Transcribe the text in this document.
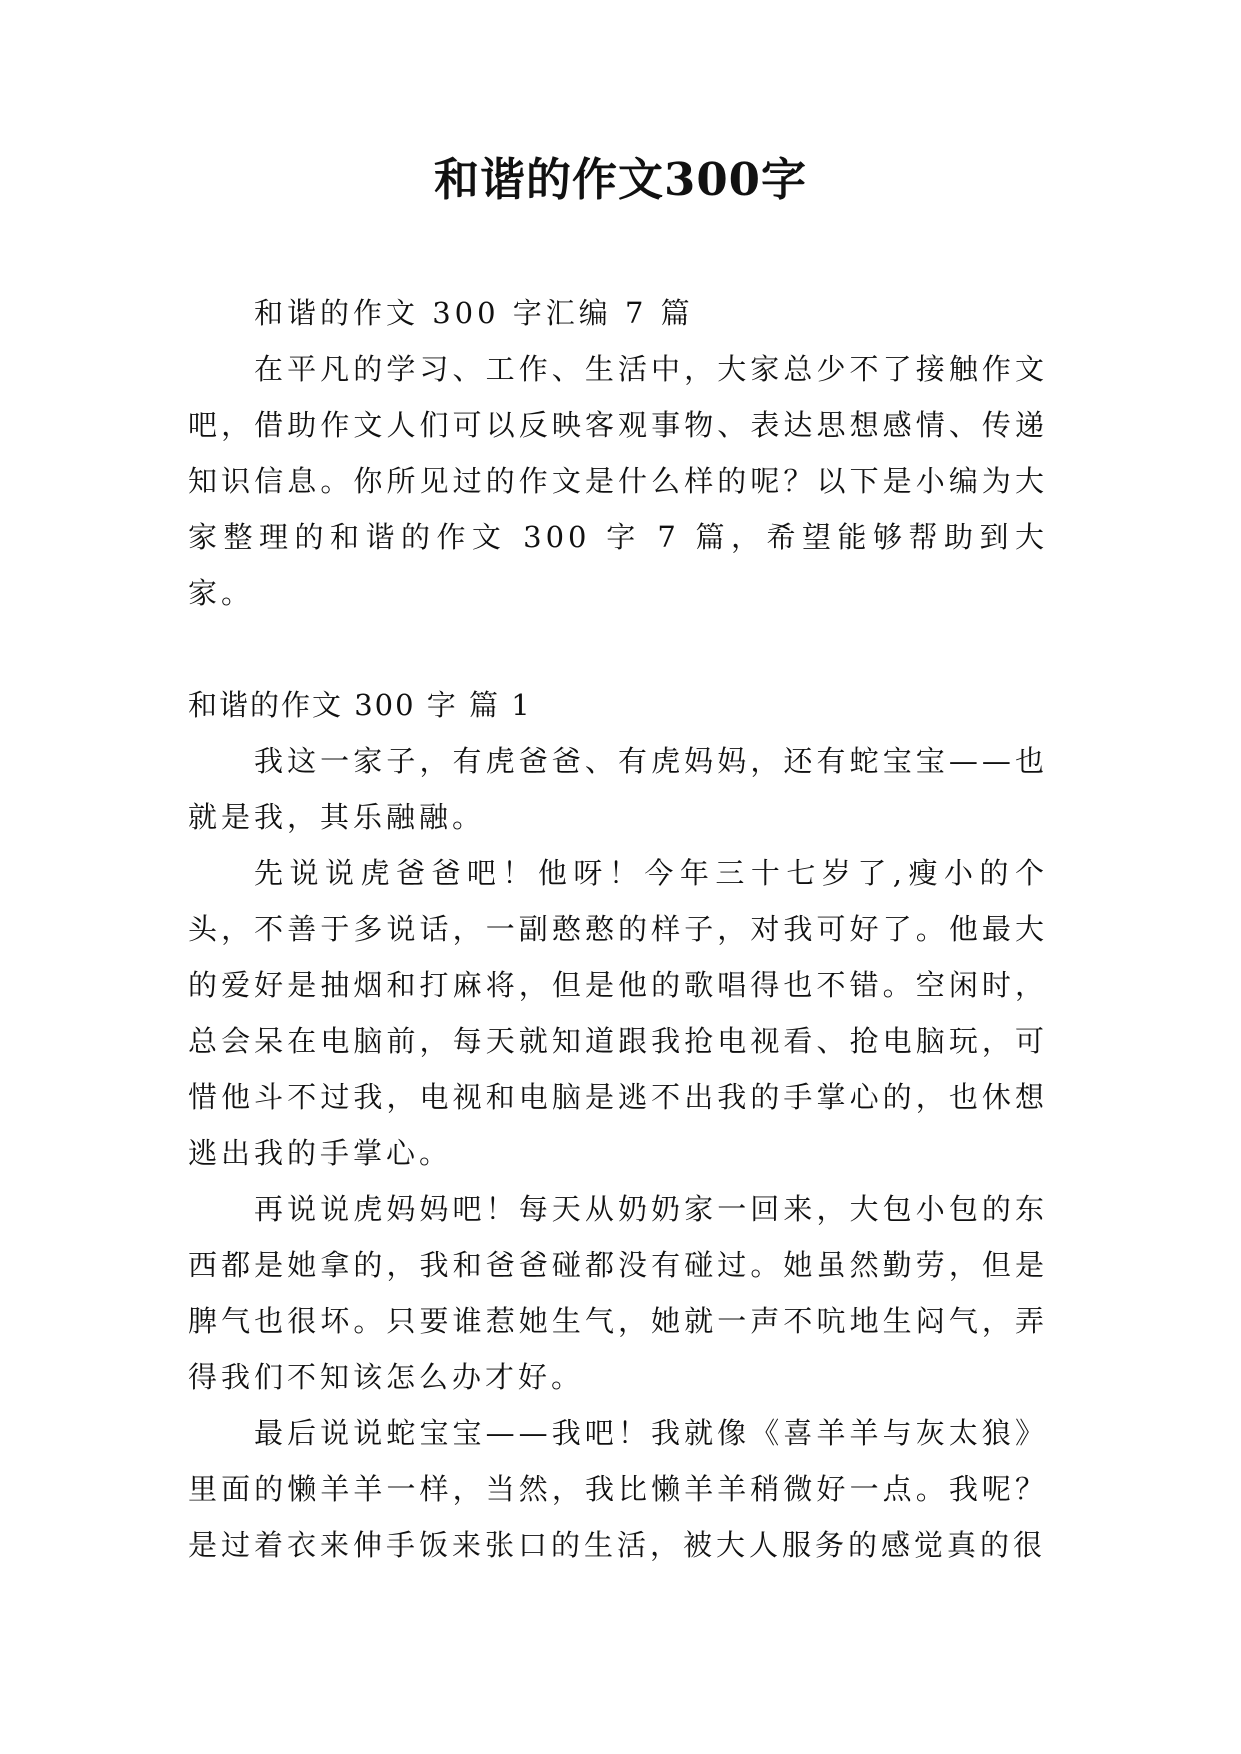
和谐的作文300字

和谐的作文 300 字汇编 7 篇

在平凡的学习、工作、生活中，大家总少不了接触作文吧，借助作文人们可以反映客观事物、表达思想感情、传递知识信息。你所见过的作文是什么样的呢？以下是小编为大家整理的和谐的作文 300 字 7 篇，希望能够帮助到大家。

和谐的作文 300 字 篇 1

我这一家子，有虎爸爸、有虎妈妈，还有蛇宝宝——也就是我，其乐融融。

先说说虎爸爸吧！他呀！今年三十七岁了,瘦小的个头，不善于多说话，一副憨憨的样子，对我可好了。他最大的爱好是抽烟和打麻将，但是他的歌唱得也不错。空闲时，总会呆在电脑前，每天就知道跟我抢电视看、抢电脑玩，可惜他斗不过我，电视和电脑是逃不出我的手掌心的，也休想逃出我的手掌心。

再说说虎妈妈吧！每天从奶奶家一回来，大包小包的东西都是她拿的，我和爸爸碰都没有碰过。她虽然勤劳，但是脾气也很坏。只要谁惹她生气，她就一声不吭地生闷气，弄得我们不知该怎么办才好。

最后说说蛇宝宝——我吧！我就像《喜羊羊与灰太狼》里面的懒羊羊一样，当然，我比懒羊羊稍微好一点。我呢？是过着衣来伸手饭来张口的生活，被大人服务的感觉真的很
